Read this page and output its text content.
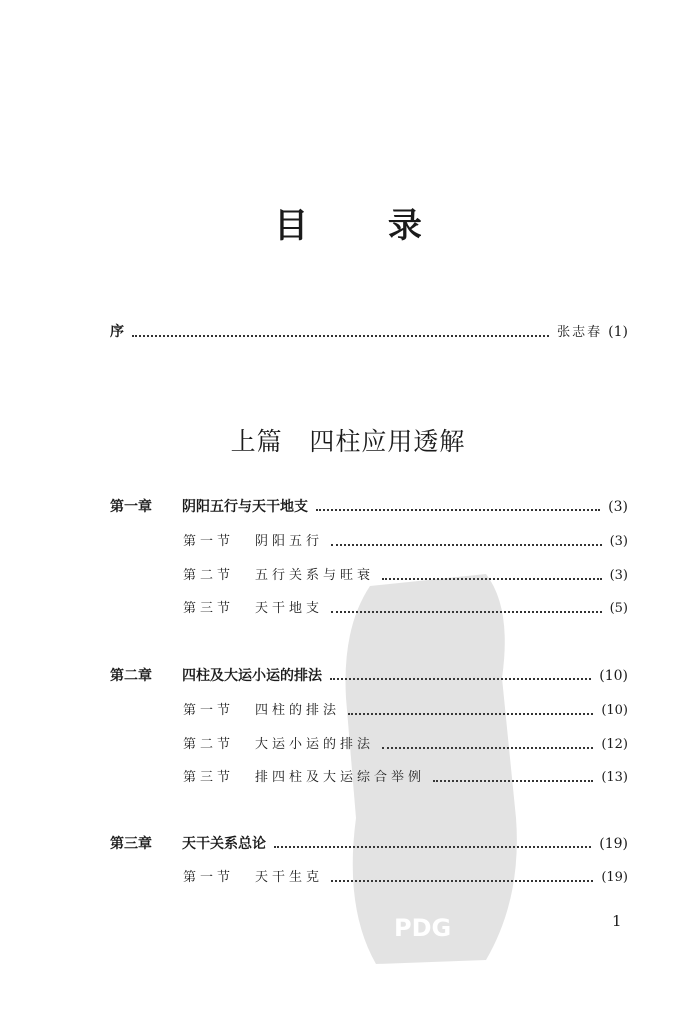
目 录
序	张志春 (1)
上篇   四柱应用透解
第一章	阴阳五行与天干地支	(3)
第一节	阴阳五行	(3)
第二节	五行关系与旺衰	(3)
第三节	天干地支	(5)
第二章	四柱及大运小运的排法	(10)
第一节	四柱的排法	(10)
第二节	大运小运的排法	(12)
第三节	排四柱及大运综合举例	(13)
第三章	天干关系总论	(19)
第一节	天干生克	(19)
PDG	1
